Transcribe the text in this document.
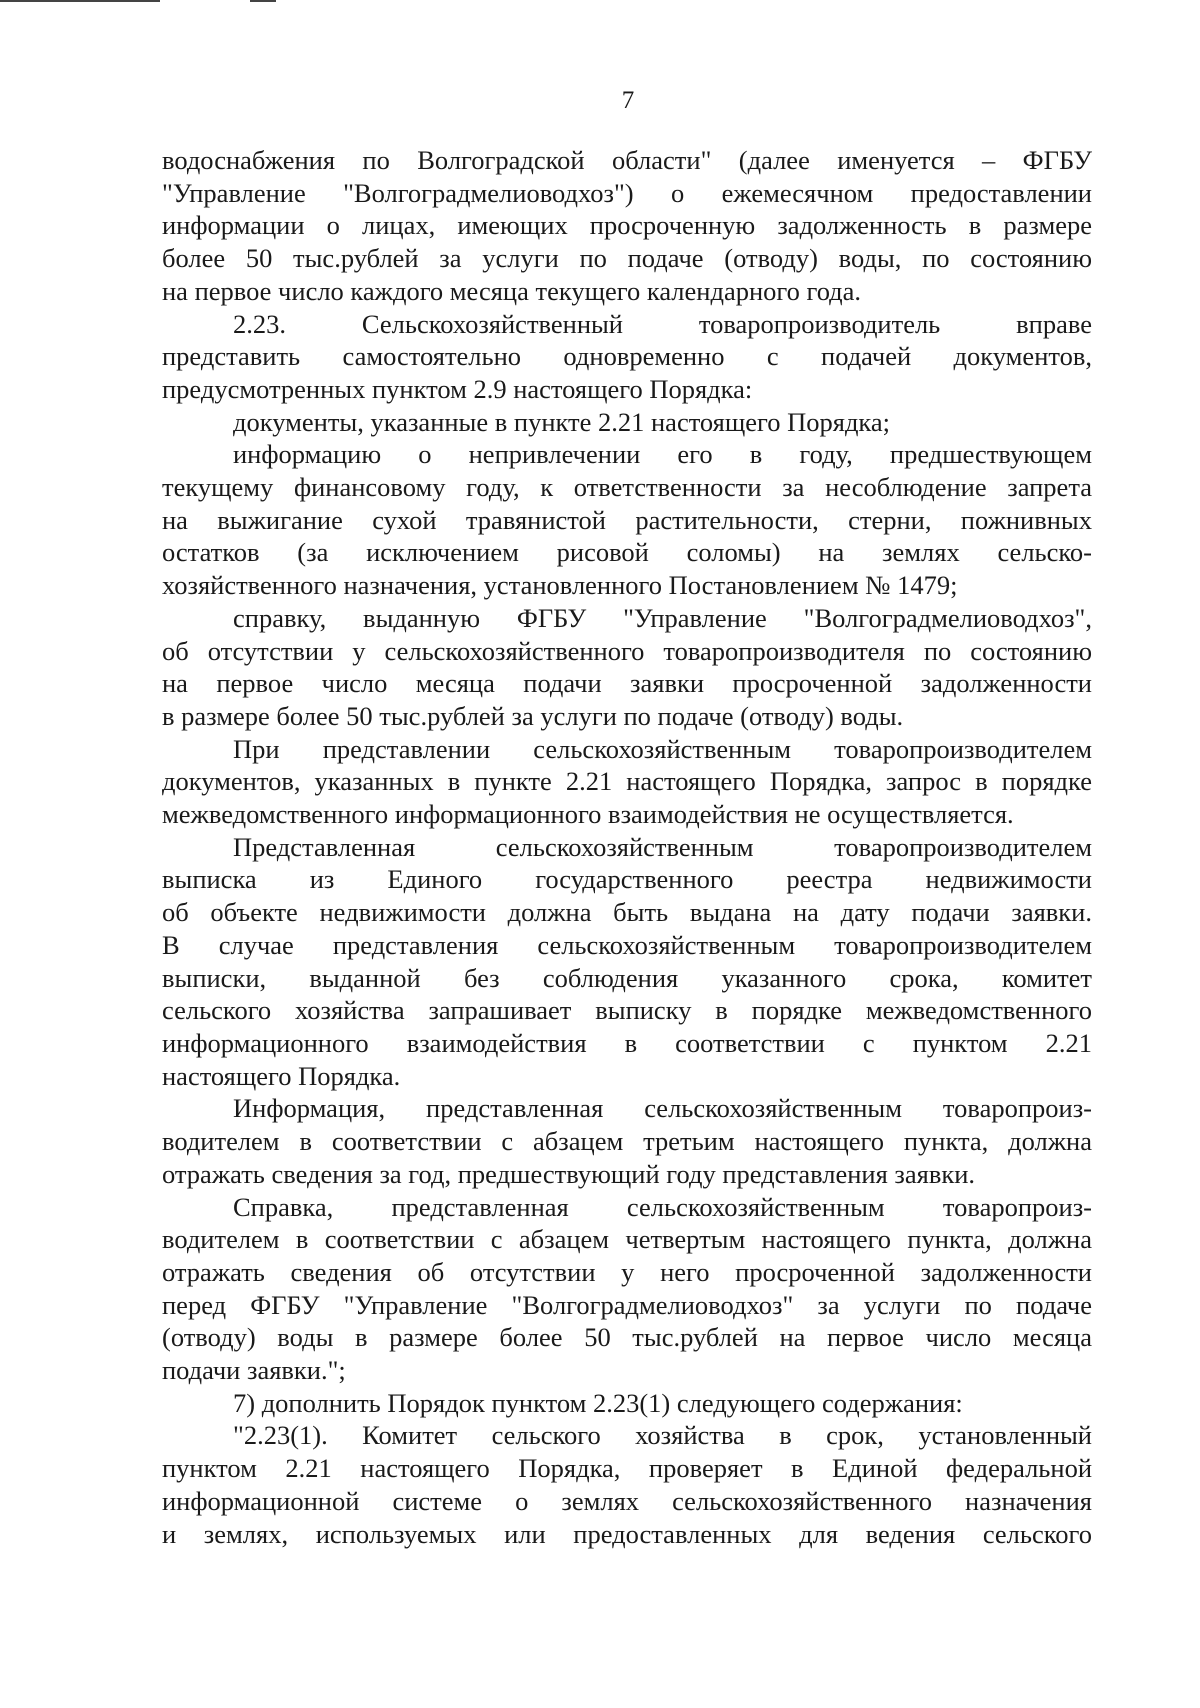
7

водоснабжения по Волгоградской области" (далее именуется – ФГБУ

"Управление "Волгоградмелиоводхоз") о ежемесячном предоставлении

информации о лицах, имеющих просроченную задолженность в размере

более 50 тыс.рублей за услуги по подаче (отводу) воды, по состоянию

на первое число каждого месяца текущего календарного года.

2.23. Сельскохозяйственный товаропроизводитель вправе

представить самостоятельно одновременно с подачей документов,

предусмотренных пунктом 2.9 настоящего Порядка:

документы, указанные в пункте 2.21 настоящего Порядка;

информацию о непривлечении его в году, предшествующем

текущему финансовому году, к ответственности за несоблюдение запрета

на выжигание сухой травянистой растительности, стерни, пожнивных

остатков (за исключением рисовой соломы) на землях сельско-

хозяйственного назначения, установленного Постановлением № 1479;

справку, выданную ФГБУ "Управление "Волгоградмелиоводхоз",

об отсутствии у сельскохозяйственного товаропроизводителя по состоянию

на первое число месяца подачи заявки просроченной задолженности

в размере более 50 тыс.рублей за услуги по подаче (отводу) воды.

При представлении сельскохозяйственным товаропроизводителем

документов, указанных в пункте 2.21 настоящего Порядка, запрос в порядке

межведомственного информационного взаимодействия не осуществляется.

Представленная сельскохозяйственным товаропроизводителем

выписка из Единого государственного реестра недвижимости

об объекте недвижимости должна быть выдана на дату подачи заявки.

В случае представления сельскохозяйственным товаропроизводителем

выписки, выданной без соблюдения указанного срока, комитет

сельского хозяйства запрашивает выписку в порядке межведомственного

информационного взаимодействия в соответствии с пунктом 2.21

настоящего Порядка.

Информация, представленная сельскохозяйственным товаропроиз-

водителем в соответствии с абзацем третьим настоящего пункта, должна

отражать сведения за год, предшествующий году представления заявки.

Справка, представленная сельскохозяйственным товаропроиз-

водителем в соответствии с абзацем четвертым настоящего пункта, должна

отражать сведения об отсутствии у него просроченной задолженности

перед ФГБУ "Управление "Волгоградмелиоводхоз" за услуги по подаче

(отводу) воды в размере более 50 тыс.рублей на первое число месяца

подачи заявки.";

7) дополнить Порядок пунктом 2.23(1) следующего содержания:

"2.23(1). Комитет сельского хозяйства в срок, установленный

пунктом 2.21 настоящего Порядка, проверяет в Единой федеральной

информационной системе о землях сельскохозяйственного назначения

и землях, используемых или предоставленных для ведения сельского
